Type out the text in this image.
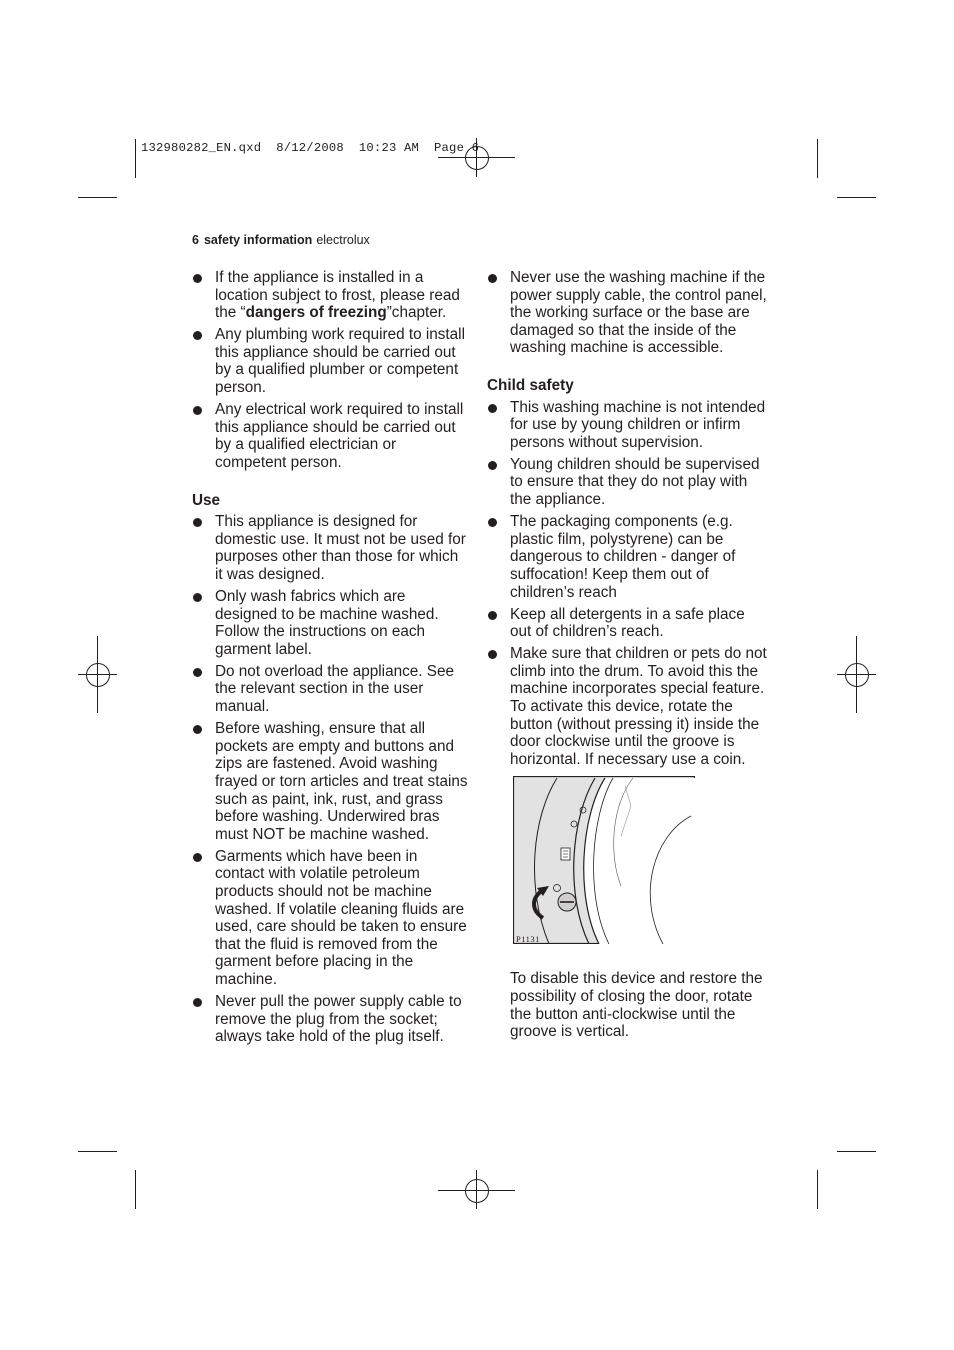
132980282_EN.qxd  8/12/2008  10:23 AM  Page 6
6 safety information electrolux
If the appliance is installed in a location subject to frost, please read the “dangers of freezing”chapter.
Any plumbing work required to install this appliance should be carried out by a qualified plumber or competent person.
Any electrical work required to install this appliance should be carried out by a qualified electrician or competent person.
Use
This appliance is designed for domestic use. It must not be used for purposes other than those for which it was designed.
Only wash fabrics which are designed to be machine washed. Follow the instructions on each garment label.
Do not overload the appliance. See the relevant section in the user manual.
Before washing, ensure that all pockets are empty and buttons and zips are fastened. Avoid washing frayed or torn articles and treat stains such as paint, ink, rust, and grass before washing. Underwired bras must NOT be machine washed.
Garments which have been in contact with volatile petroleum products should not be machine washed. If volatile cleaning fluids are used, care should be taken to ensure that the fluid is removed from the garment before placing in the machine.
Never pull the power supply cable to remove the plug from the socket; always take hold of the plug itself.
Never use the washing machine if the power supply cable, the control panel, the working surface or the base are damaged so that the inside of the washing machine is accessible.
Child safety
This washing machine is not intended for use by young children or infirm persons without supervision.
Young children should be supervised to ensure that they do not play with the appliance.
The packaging components (e.g. plastic film, polystyrene) can be dangerous to children - danger of suffocation! Keep them out of children’s reach
Keep all detergents in a safe place out of children’s reach.
Make sure that children or pets do not climb into the drum. To avoid this the machine incorporates special feature. To activate this device, rotate the button (without pressing it) inside the door clockwise until the groove is horizontal. If necessary use a coin.
P1131
To disable this device and restore the possibility of closing the door, rotate the button anti-clockwise until the groove is vertical.
